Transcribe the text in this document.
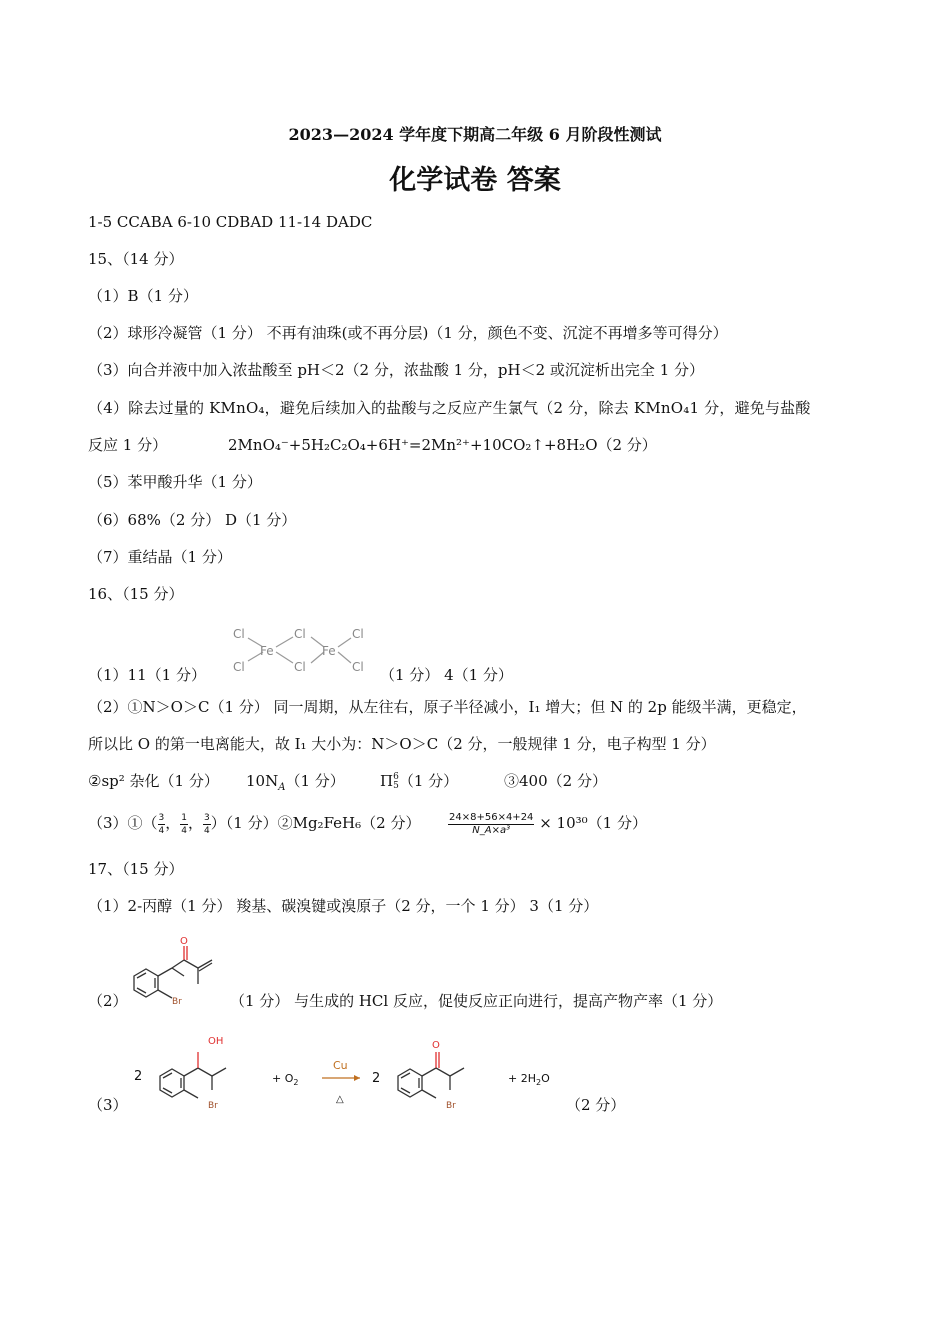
2023—2024 学年度下期高二年级 6 月阶段性测试
化学试卷 答案
1-5 CCABA 6-10 CDBAD 11-14 DADC
15、（14 分）
（1）B（1 分）
（2）球形冷凝管（1 分） 不再有油珠(或不再分层)（1 分，颜色不变、沉淀不再增多等可得分）
（3）向合并液中加入浓盐酸至 pH＜2（2 分，浓盐酸 1 分，pH＜2 或沉淀析出完全 1 分）
（4）除去过量的 KMnO₄，避免后续加入的盐酸与之反应产生氯气（2 分，除去 KMnO₄1 分，避免与盐酸
反应 1 分）	2MnO₄⁻+5H₂C₂O₄+6H⁺=2Mn²⁺+10CO₂↑+8H₂O（2 分）
（5）苯甲酸升华（1 分）
（6）68%（2 分） D（1 分）
（7）重结晶（1 分）
16、（15 分）
Cl
Cl
Fe
Cl
Cl
Fe
Cl
Cl
（1）11（1 分）	（1 分） 4（1 分）
（2）①N＞O＞C（1 分） 同一周期，从左往右，原子半径减小，I₁ 增大；但 N 的 2p 能级半满，更稳定，
所以比 O 的第一电离能大，故 I₁ 大小为：N＞O＞C（2 分，一般规律 1 分，电子构型 1 分）
②sp² 杂化（1 分） $10N_A(1$ 分） Π 6
5 （1 分）	③400（2 分）
（3）①（ $\frac{3}{4}$ ， $\frac{1}{4}$ ， $\frac{3}{4} )(1$ 分）②Mg₂FeH₆（2 分）	$\frac{24\times 8+56\times 4+24}{\text{N\_A×a³}} \times 10^{30}(1$ 分）
17、（15 分）
（1）2-丙醇（1 分） 羧基、碳溴键或溴原子（2 分，一个 1 分） 3（1 分）
O
Br
（2）	（1 分） 与生成的 HCl 反应，促使反应正向进行，提高产物产率（1 分）
2
OH
Br
+ $O_2$
Cu
△
2
O
Br
+ $2H_2O$
（3）	（2 分）
